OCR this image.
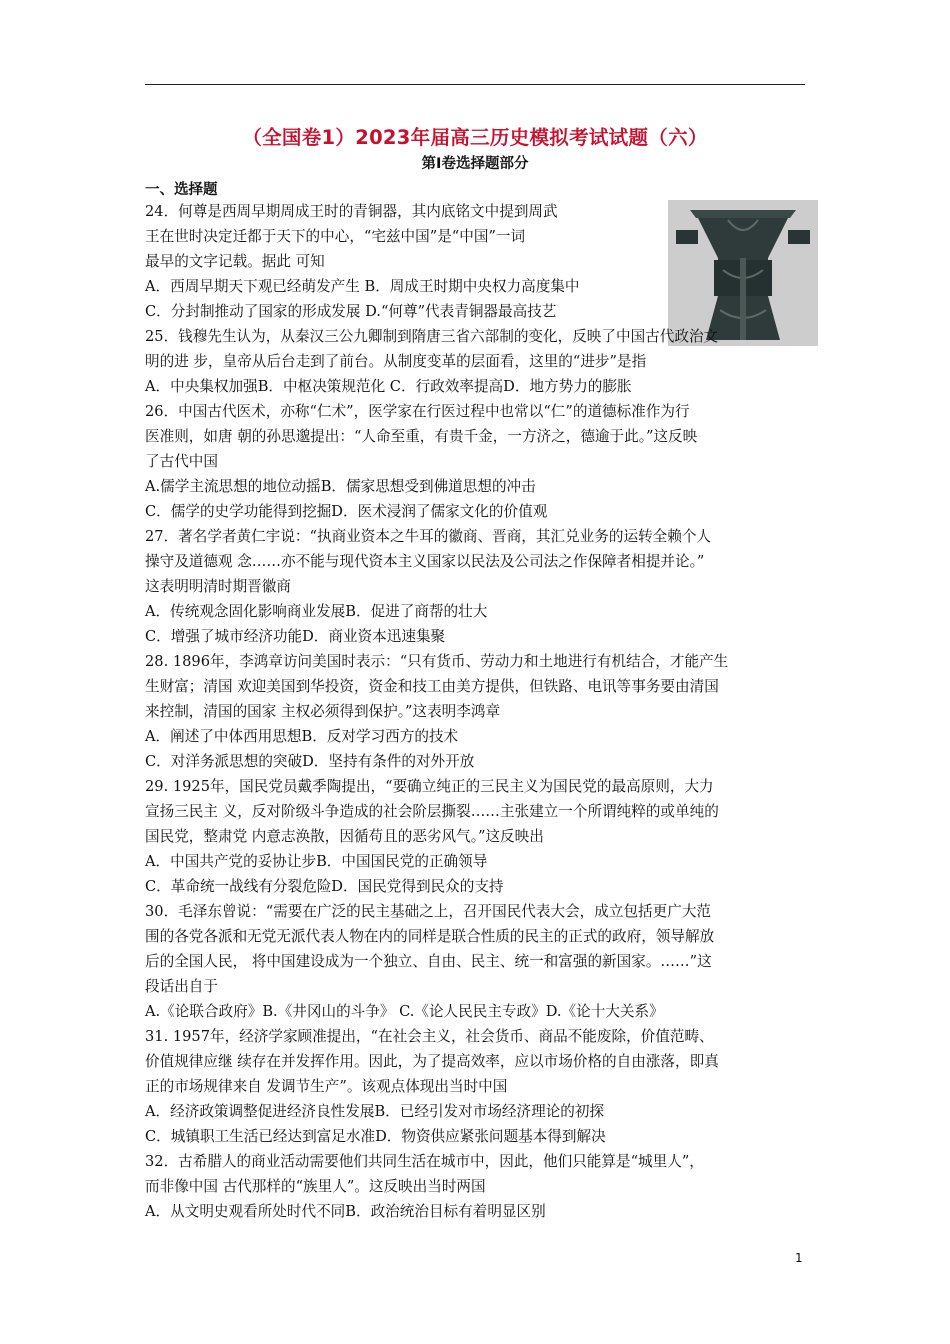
（全国卷1）2023年届高三历史模拟考试试题（六）
第Ⅰ卷选择题部分
一、选择题
24．何尊是西周早期周成王时的青铜器，其内底铭文中提到周武
王在世时决定迁都于天下的中心，“宅兹中国”是“中国”一词
最早的文字记载。据此 可知
A．西周早期天下观已经萌发产生 B．周成王时期中央权力高度集中
C．分封制推动了国家的形成发展 D.“何尊”代表青铜器最高技艺
25．钱穆先生认为，从秦汉三公九卿制到隋唐三省六部制的变化，反映了中国古代政治文
明的进 步，皇帝从后台走到了前台。从制度变革的层面看，这里的“进步”是指
A．中央集权加强B．中枢决策规范化 C．行政效率提高D．地方势力的膨胀
26．中国古代医术，亦称“仁术”，医学家在行医过程中也常以“仁”的道德标准作为行
医准则，如唐 朝的孙思邈提出：“人命至重，有贵千金，一方济之，德逾于此。”这反映
了古代中国
A.儒学主流思想的地位动摇B．儒家思想受到佛道思想的冲击
C．儒学的史学功能得到挖掘D．医术浸润了儒家文化的价值观
27．著名学者黄仁宇说：“执商业资本之牛耳的徽商、晋商，其汇兑业务的运转全赖个人
操守及道德观 念……亦不能与现代资本主义国家以民法及公司法之作保障者相提并论。”
这表明明清时期晋徽商
A．传统观念固化影响商业发展B．促进了商帮的壮大
C．增强了城市经济功能D．商业资本迅速集聚
28. 1896年，李鸿章访问美国时表示：“只有货币、劳动力和土地进行有机结合，才能产生
生财富；清国 欢迎美国到华投资，资金和技工由美方提供，但铁路、电讯等事务要由清国
来控制，清国的国家 主权必须得到保护。”这表明李鸿章
A．阐述了中体西用思想B．反对学习西方的技术
C．对洋务派思想的突破D．坚持有条件的对外开放
29. 1925年，国民党员戴季陶提出，“要确立纯正的三民主义为国民党的最高原则，大力
宣扬三民主 义，反对阶级斗争造成的社会阶层撕裂……主张建立一个所谓纯粹的或单纯的
国民党，整肃党 内意志涣散，因循苟且的恶劣风气。”这反映出
A．中国共产党的妥协让步B．中国国民党的正确领导
C．革命统一战线有分裂危险D．国民党得到民众的支持
30．毛泽东曾说：“需要在广泛的民主基础之上，召开国民代表大会，成立包括更广大范
围的各党各派和无党无派代表人物在内的同样是联合性质的民主的正式的政府，领导解放
后的全国人民， 将中国建设成为一个独立、自由、民主、统一和富强的新国家。……”这
段话出自于
A.《论联合政府》B.《井冈山的斗争》 C.《论人民民主专政》D.《论十大关系》
31. 1957年，经济学家顾准提出，“在社会主义，社会货币、商品不能废除，价值范畴、
价值规律应继 续存在并发挥作用。因此，为了提高效率，应以市场价格的自由涨落，即真
正的市场规律来自 发调节生产”。该观点体现出当时中国
A．经济政策调整促进经济良性发展B．已经引发对市场经济理论的初探
C．城镇职工生活已经达到富足水准D．物资供应紧张问题基本得到解决
32．古希腊人的商业活动需要他们共同生活在城市中，因此，他们只能算是“城里人”，
而非像中国 古代那样的“族里人”。这反映出当时两国
A．从文明史观看所处时代不同B．政治统治目标有着明显区别
1
